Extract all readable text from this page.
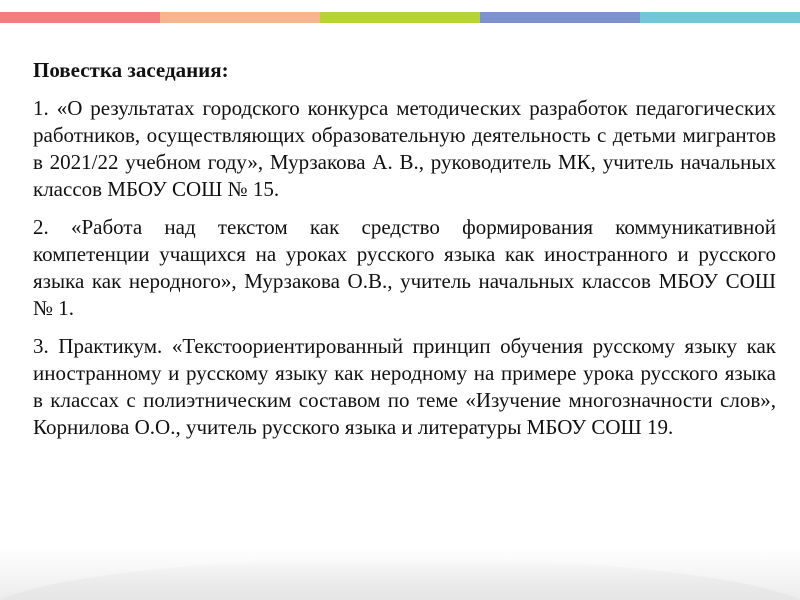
Повестка заседания:
1. «О результатах городского конкурса методических разработок педагогических работников, осуществляющих образовательную деятельность с детьми мигрантов в 2021/22 учебном году», Мурзакова А. В., руководитель МК, учитель начальных классов МБОУ СОШ № 15.
2. «Работа над текстом как средство формирования коммуникативной компетенции учащихся на уроках русского языка как иностранного и русского языка как неродного», Мурзакова О.В., учитель начальных классов МБОУ СОШ № 1.
3. Практикум. «Текстоориентированный принцип обучения русскому языку как иностранному и русскому языку как неродному на примере урока русского языка в классах с полиэтническим составом по теме «Изучение многозначности слов», Корнилова О.О., учитель русского языка и литературы МБОУ СОШ 19.
